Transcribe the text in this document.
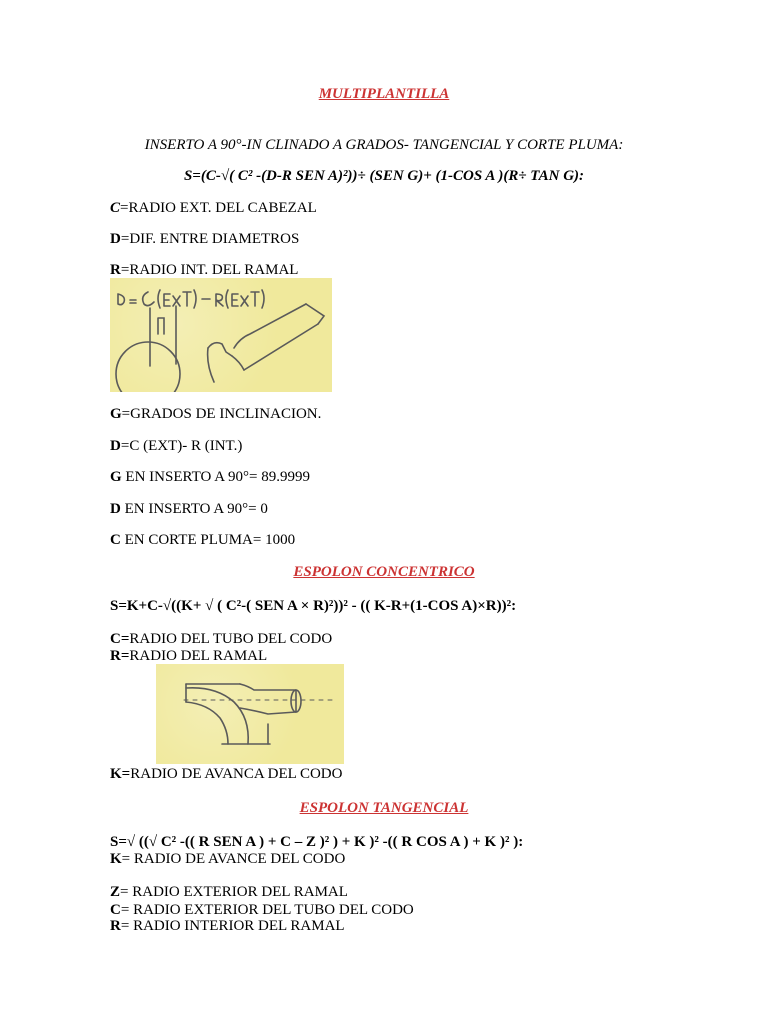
MULTIPLANTILLA
INSERTO A 90°-IN CLINADO A GRADOS- TANGENCIAL Y CORTE PLUMA:
S=(C-√( C² -(D-R SEN A)²))÷ (SEN G)+ (1-COS A )(R÷ TAN G):
C=RADIO EXT. DEL CABEZAL
D=DIF. ENTRE DIAMETROS
R=RADIO INT. DEL RAMAL
G=GRADOS DE INCLINACION.
D=C (EXT)- R (INT.)
G EN INSERTO A 90°= 89.9999
D EN INSERTO A 90°= 0
C EN CORTE PLUMA= 1000
ESPOLON CONCENTRICO
S=K+C-√((K+ √ ( C²-( SEN A × R)²))² - (( K-R+(1-COS A)×R))²:
C=RADIO DEL TUBO DEL CODO
R=RADIO DEL RAMAL
K=RADIO DE AVANCA DEL CODO
ESPOLON TANGENCIAL
S=√ ((√ C² -(( R SEN A ) + C – Z )² ) + K )² -(( R COS A ) + K )² ):
K= RADIO DE AVANCE DEL CODO
Z= RADIO EXTERIOR DEL RAMAL
C= RADIO EXTERIOR DEL TUBO DEL CODO
R= RADIO INTERIOR DEL RAMAL
